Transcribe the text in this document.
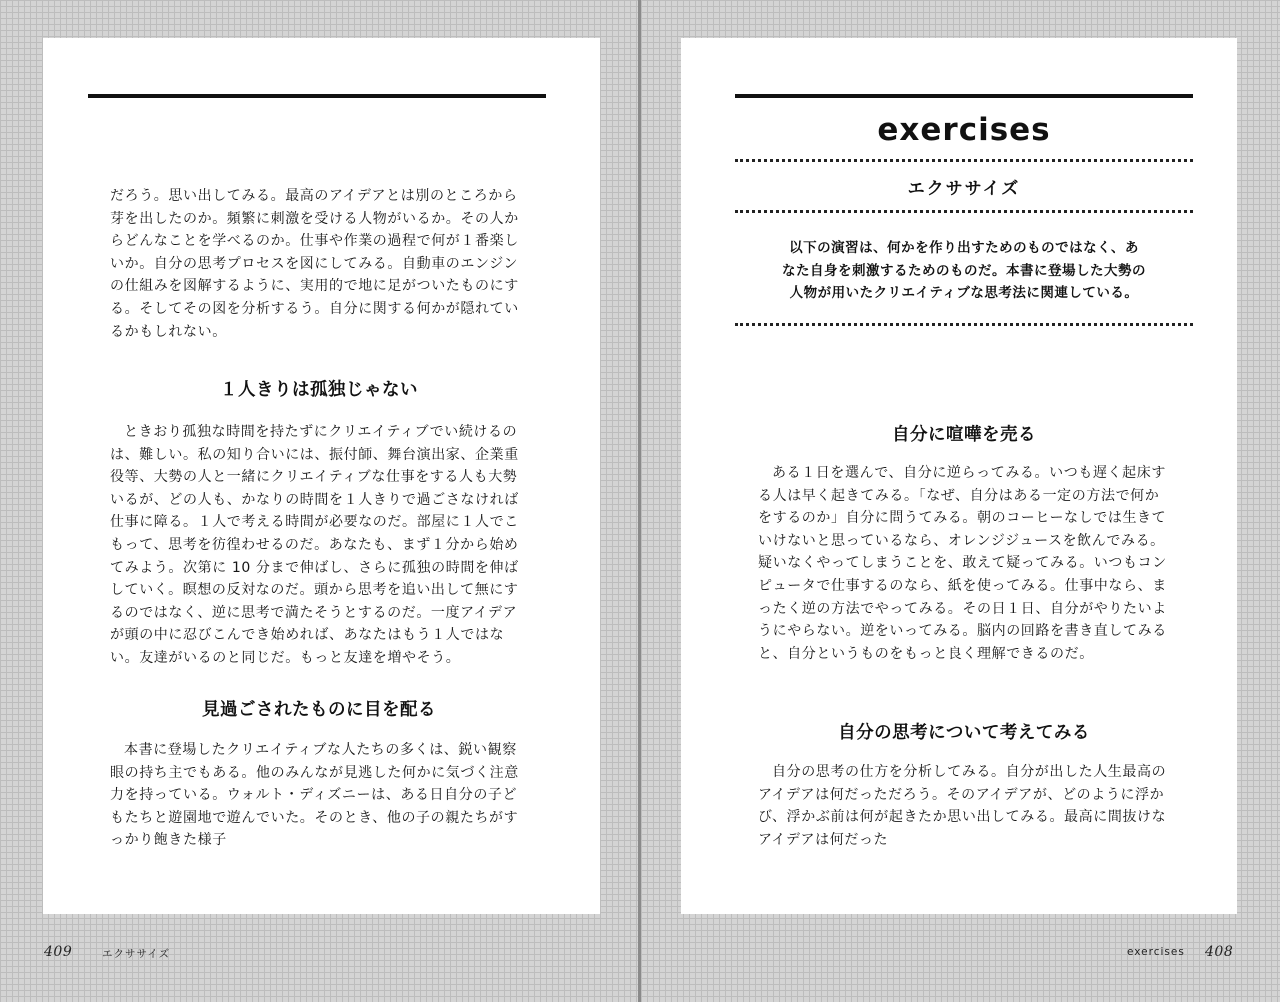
だろう。思い出してみる。最高のアイデアとは別のところから芽を出したのか。頻繁に刺激を受ける人物がいるか。その人からどんなことを学べるのか。仕事や作業の過程で何が１番楽しいか。自分の思考プロセスを図にしてみる。自動車のエンジンの仕組みを図解するように、実用的で地に足がついたものにする。そしてその図を分析するう。自分に関する何かが隠れているかもしれない。

１人きりは孤独じゃない

ときおり孤独な時間を持たずにクリエイティブでい続けるのは、難しい。私の知り合いには、振付師、舞台演出家、企業重役等、大勢の人と一緒にクリエイティブな仕事をする人も大勢いるが、どの人も、かなりの時間を１人きりで過ごさなければ仕事に障る。１人で考える時間が必要なのだ。部屋に１人でこもって、思考を彷徨わせるのだ。あなたも、まず１分から始めてみよう。次第に 10 分まで伸ばし、さらに孤独の時間を伸ばしていく。瞑想の反対なのだ。頭から思考を追い出して無にするのではなく、逆に思考で満たそうとするのだ。一度アイデアが頭の中に忍びこんでき始めれば、あなたはもう１人ではない。友達がいるのと同じだ。もっと友達を増やそう。

見過ごされたものに目を配る

本書に登場したクリエイティブな人たちの多くは、鋭い観察眼の持ち主でもある。他のみんなが見逃した何かに気づく注意力を持っている。ウォルト・ディズニーは、ある日自分の子どもたちと遊園地で遊んでいた。そのとき、他の子の親たちがすっかり飽きた様子

409	エクササイズ
exercises
エクササイズ
以下の演習は、何かを作り出すためのものではなく、あ
なた自身を刺激するためのものだ。本書に登場した大勢の
人物が用いたクリエイティブな思考法に関連している。
自分に喧嘩を売る

ある１日を選んで、自分に逆らってみる。いつも遅く起床する人は早く起きてみる。「なぜ、自分はある一定の方法で何かをするのか」自分に問うてみる。朝のコーヒーなしでは生きていけないと思っているなら、オレンジジュースを飲んでみる。疑いなくやってしまうことを、敢えて疑ってみる。いつもコンピュータで仕事するのなら、紙を使ってみる。仕事中なら、まったく逆の方法でやってみる。その日１日、自分がやりたいようにやらない。逆をいってみる。脳内の回路を書き直してみると、自分というものをもっと良く理解できるのだ。

自分の思考について考えてみる

自分の思考の仕方を分析してみる。自分が出した人生最高のアイデアは何だっただろう。そのアイデアが、どのように浮かび、浮かぶ前は何が起きたか思い出してみる。最高に間抜けなアイデアは何だった

exercises 408
